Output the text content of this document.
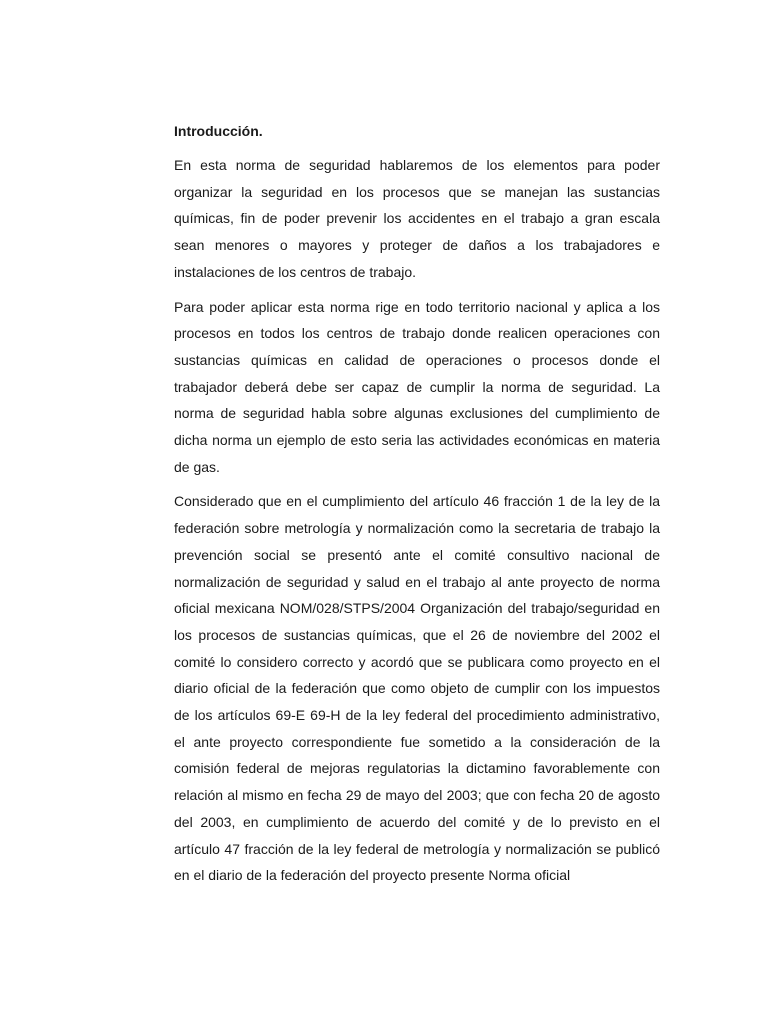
Introducción.

En esta norma de seguridad hablaremos de los elementos para poder organizar la seguridad en los procesos que se manejan las sustancias químicas, fin de poder prevenir los accidentes en el trabajo a gran escala sean menores o mayores y proteger de daños a los trabajadores e instalaciones de los centros de trabajo.

Para poder aplicar esta norma rige en todo territorio nacional y aplica a los procesos en todos los centros de trabajo donde realicen operaciones con sustancias químicas en calidad de operaciones o procesos donde el trabajador deberá debe ser capaz de cumplir la norma de seguridad. La norma de seguridad habla sobre algunas exclusiones del cumplimiento de dicha norma un ejemplo de esto seria las actividades económicas en materia de gas.

Considerado que en el cumplimiento del artículo 46 fracción 1 de la ley de la federación sobre metrología y normalización como la secretaria de trabajo la prevención social se presentó ante el comité consultivo nacional de normalización de seguridad y salud en el trabajo al ante proyecto de norma oficial mexicana NOM/028/STPS/2004 Organización del trabajo/seguridad en los procesos de sustancias químicas, que el 26 de noviembre del 2002 el comité lo considero correcto y acordó que se publicara como proyecto en el diario oficial de la federación que como objeto de cumplir con los impuestos de los artículos 69-E 69-H de la ley federal del procedimiento administrativo, el ante proyecto correspondiente fue sometido a la consideración de la comisión federal de mejoras regulatorias la dictamino favorablemente con relación al mismo en fecha 29 de mayo del 2003; que con fecha 20 de agosto del 2003, en cumplimiento de acuerdo del comité y de lo previsto en el artículo 47 fracción de la ley federal de metrología y normalización se publicó en el diario de la federación del proyecto presente Norma oficial
